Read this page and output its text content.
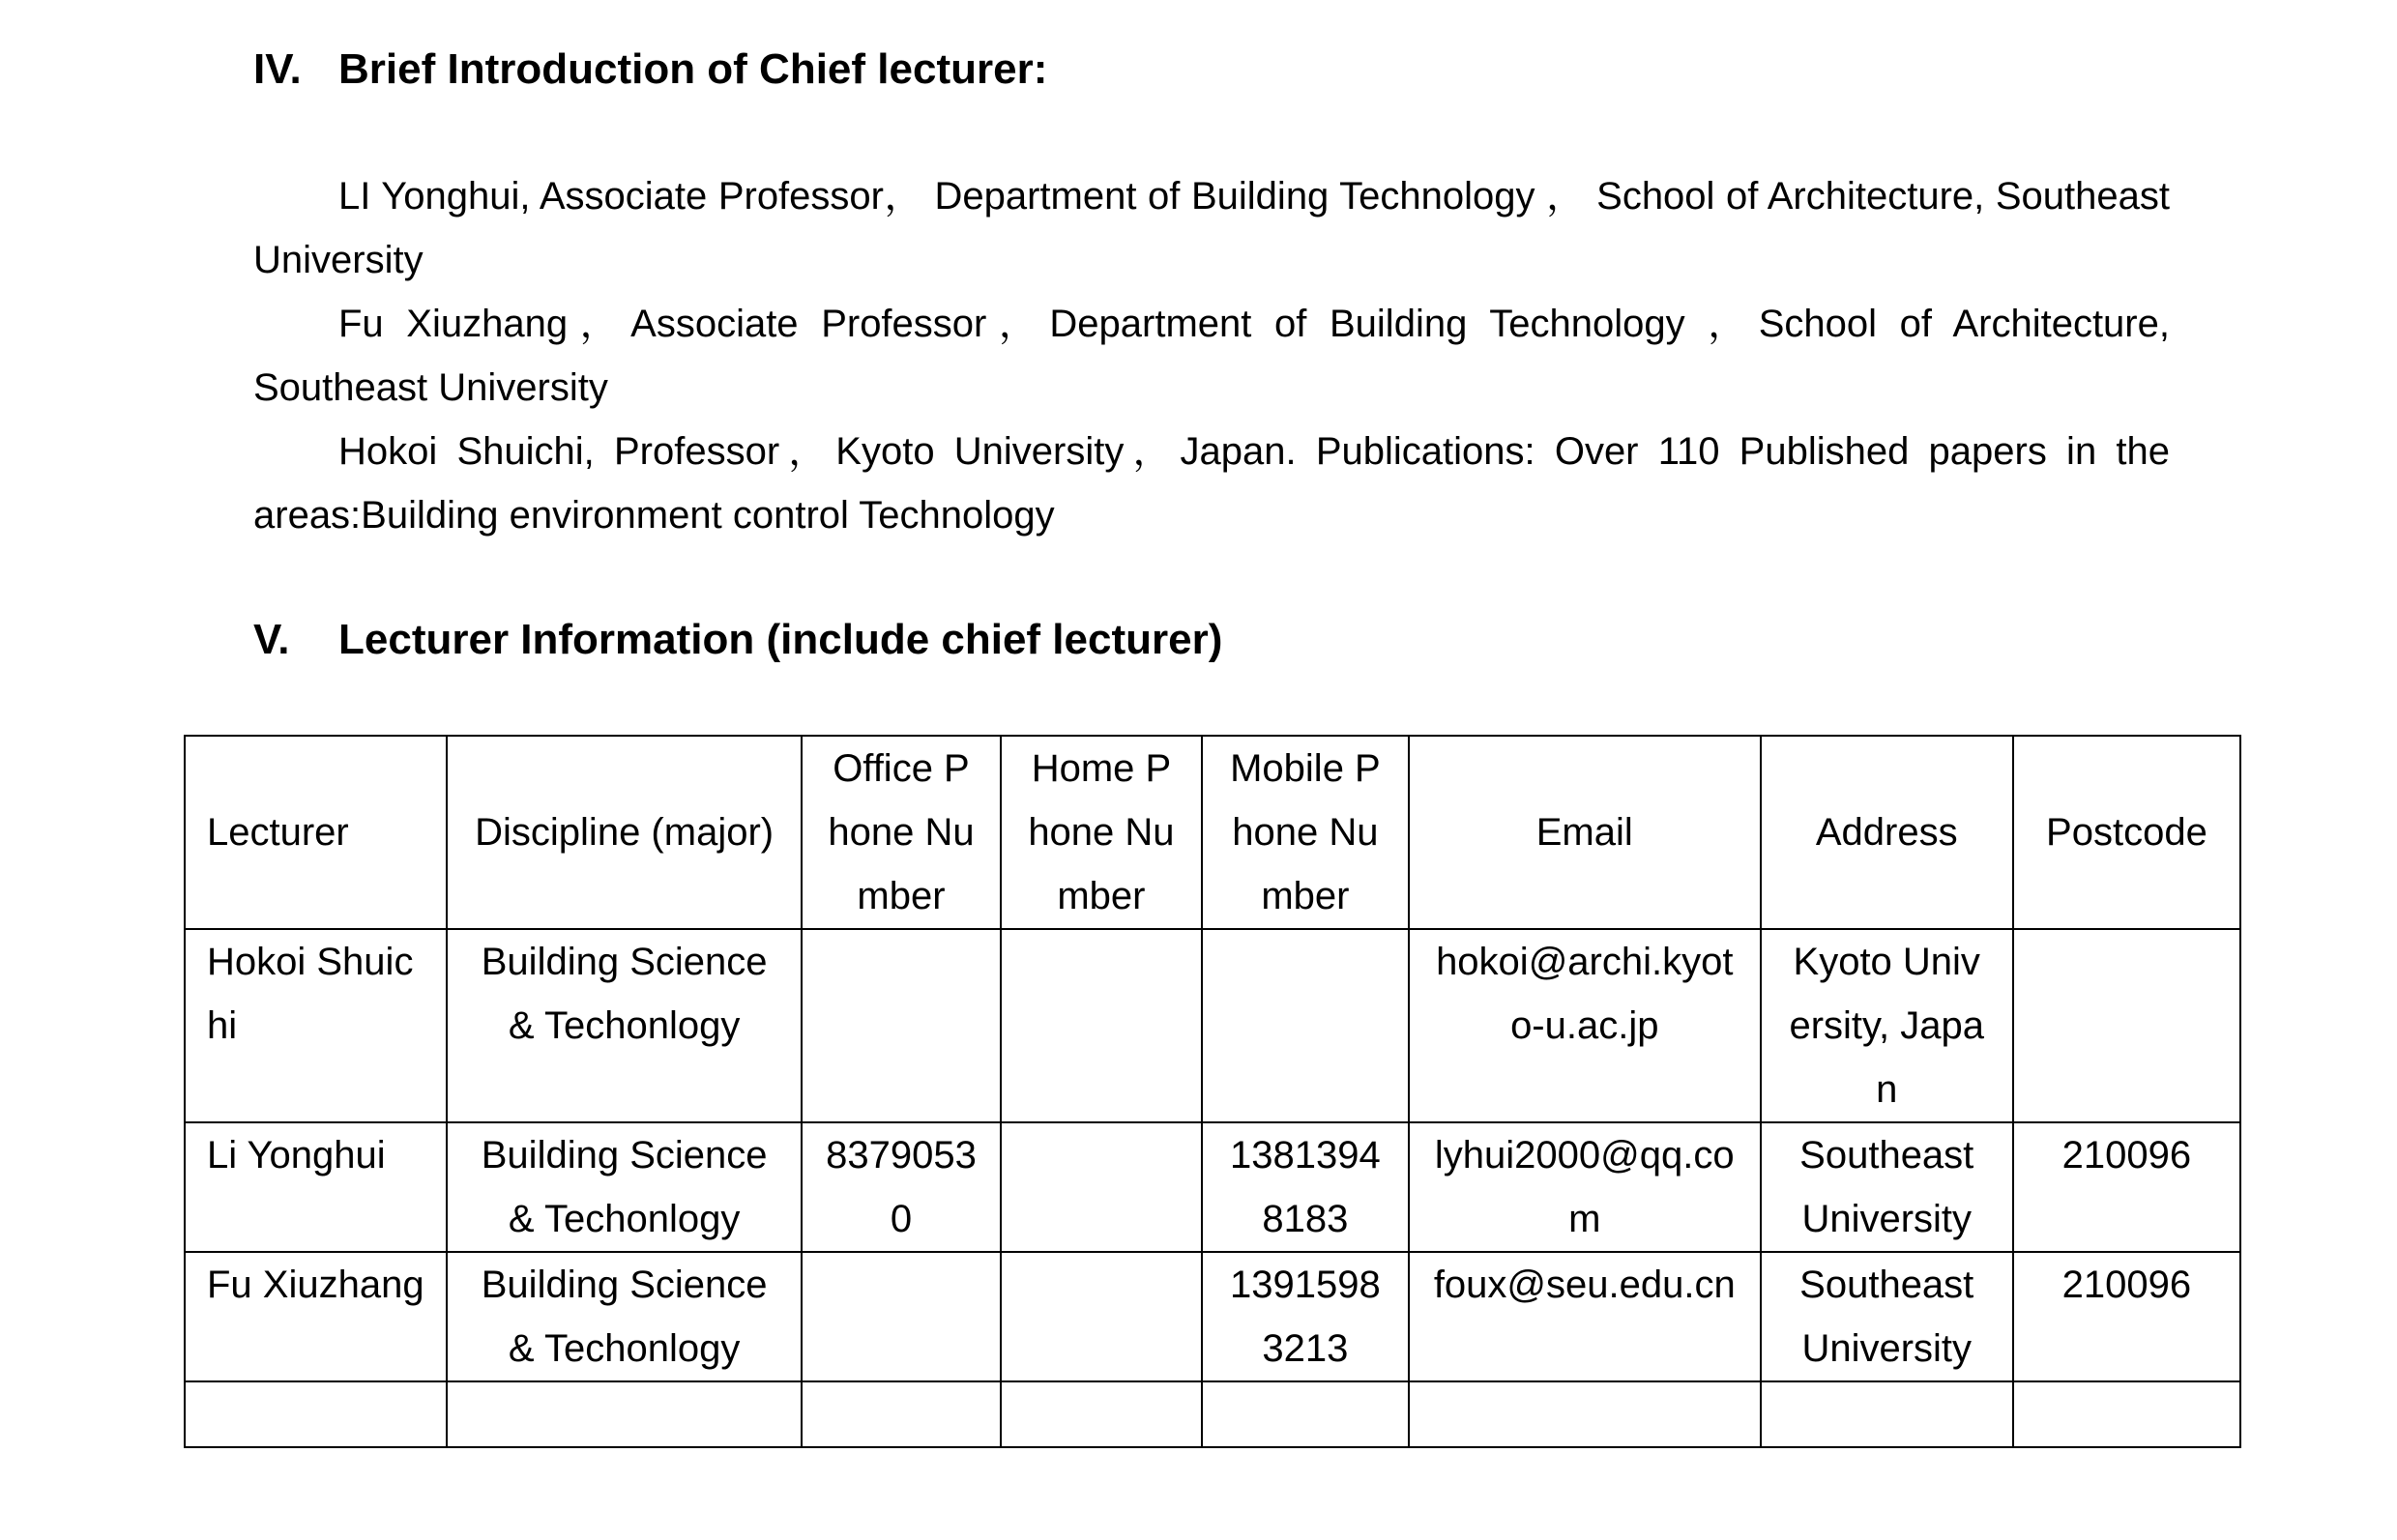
IV. Brief Introduction of Chief lecturer:

LI Yonghui, Associate Professor， Department of Building Technology ， School of Architecture, Southeast University

Fu Xiuzhang，Associate Professor，Department of Building Technology ，School of Architecture, Southeast University

Hokoi Shuichi, Professor，Kyoto University，Japan. Publications: Over 110 Published papers in the areas:Building environment control Technology

V. Lecturer Information (include chief lecturer)
Lecturer	Discipline (major)	Office Phone Number	Home Phone Number	Mobile Phone Number	Email	Address	Postcode
Hokoi Shuichi	Building Science & Techonlogy				hokoi@archi.kyoto-u.ac.jp	Kyoto University, Japan	
Li Yonghui	Building Science & Techonlogy	83790530		13813948183	lyhui2000@qq.com	Southeast University	210096
Fu Xiuzhang	Building Science & Techonlogy			13915983213	foux@seu.edu.cn	Southeast University	210096
